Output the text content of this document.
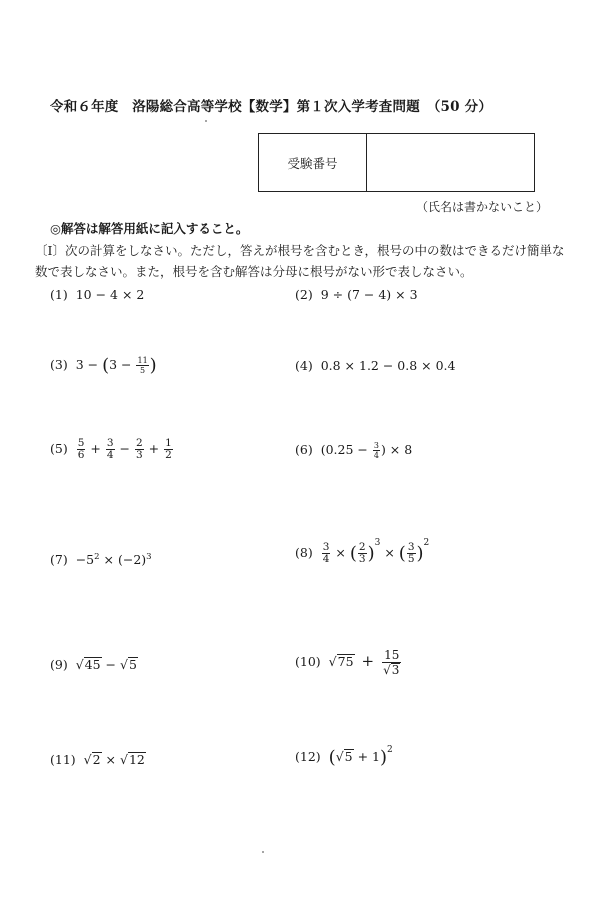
令和６年度　洛陽総合高等学校【数学】第１次入学考査問題　（50 分）
受験番号
（氏名は書かないこと）
◎解答は解答用紙に記入すること。
〔Ⅰ〕次の計算をしなさい。ただし，答えが根号を含むとき，根号の中の数はできるだけ簡単な数で表しなさい。また，根号を含む解答は分母に根号がない形で表しなさい。
(1) 10 − 4 × 2	(2) 9 ÷ (7 − 4) × 3
(3) $3 - (3 - \frac{11}{5}$ )	(4) 0.8 × 1.2 − 0.8 × 0.4
$(5) \frac{5}{6} + \frac{3}{4} - \frac{2}{3} + \frac{1}{2}$	(6) ($0.25 - \frac{3}{4}$ ) × 8
$(7) -5^2 \times (-2)^3$	$(8) \frac{3}{4}$ × ( $\frac{2}{3} )^3$ × ( $\frac{3}{5} )^2$
(9) √45 − √5	(10) $√75 + \frac{15}{√3}$
(11) √2 × √12	(12) $(√5 + 1)^2$
